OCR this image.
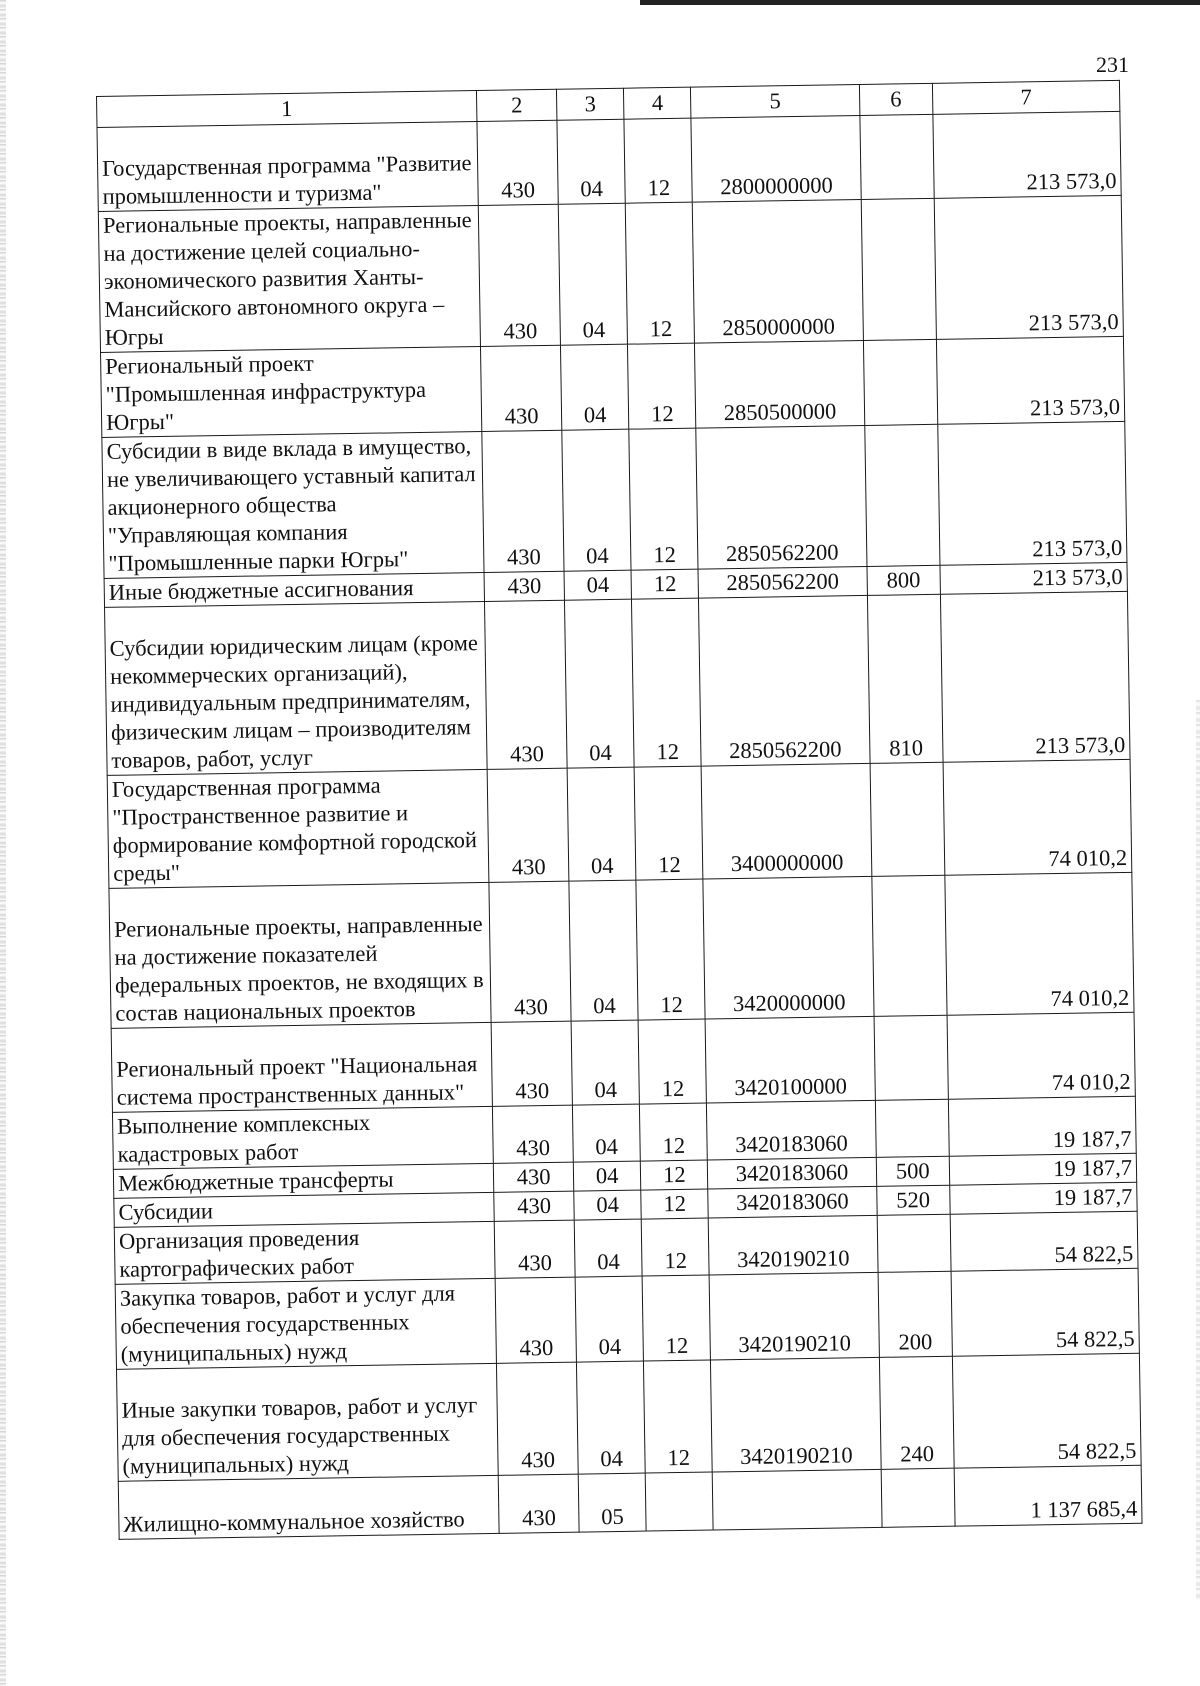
231
1	2	3	4	5	6	7
Государственная программа "Развитие промышленности и туризма"	430	04	12	2800000000		213 573,0
Региональные проекты, направленные на достижение целей социально-экономического развития Ханты-Мансийского автономного округа – Югры	430	04	12	2850000000		213 573,0
Региональный проект "Промышленная инфраструктура Югры"	430	04	12	2850500000		213 573,0
Субсидии в виде вклада в имущество, не увеличивающего уставный капитал акционерного общества "Управляющая компания "Промышленные парки Югры"	430	04	12	2850562200		213 573,0
Иные бюджетные ассигнования	430	04	12	2850562200	800	213 573,0
Субсидии юридическим лицам (кроме некоммерческих организаций), индивидуальным предпринимателям, физическим лицам – производителям товаров, работ, услуг	430	04	12	2850562200	810	213 573,0
Государственная программа "Пространственное развитие и формирование комфортной городской среды"	430	04	12	3400000000		74 010,2
Региональные проекты, направленные на достижение показателей федеральных проектов, не входящих в состав национальных проектов	430	04	12	3420000000		74 010,2
Региональный проект "Национальная система пространственных данных"	430	04	12	3420100000		74 010,2
Выполнение комплексных кадастровых работ	430	04	12	3420183060		19 187,7
Межбюджетные трансферты	430	04	12	3420183060	500	19 187,7
Субсидии	430	04	12	3420183060	520	19 187,7
Организация проведения картографических работ	430	04	12	3420190210		54 822,5
Закупка товаров, работ и услуг для обеспечения государственных (муниципальных) нужд	430	04	12	3420190210	200	54 822,5
Иные закупки товаров, работ и услуг для обеспечения государственных (муниципальных) нужд	430	04	12	3420190210	240	54 822,5
Жилищно-коммунальное хозяйство	430	05				1 137 685,4
